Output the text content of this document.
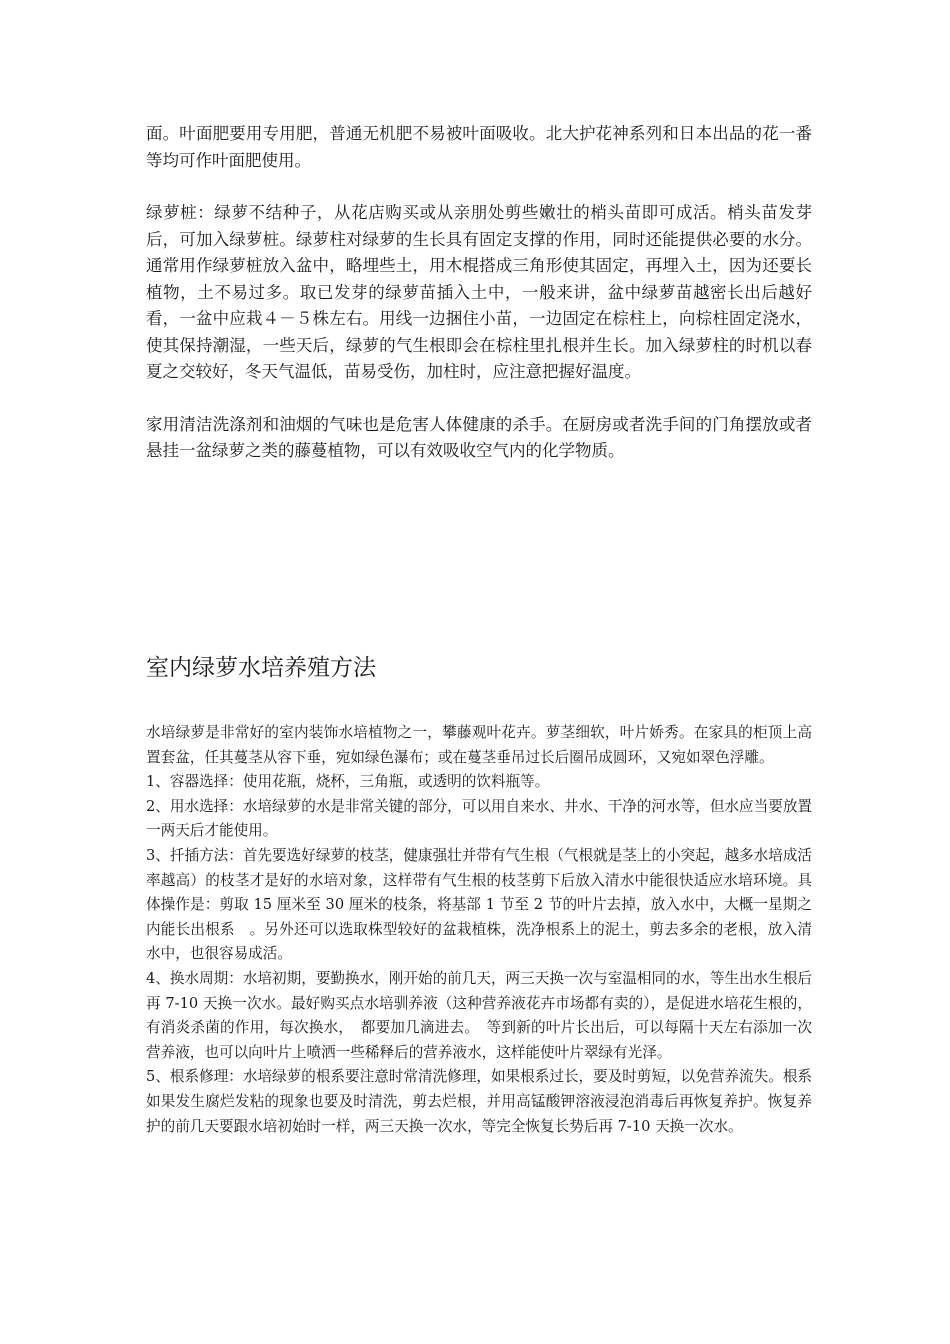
面。叶面肥要用专用肥，普通无机肥不易被叶面吸收。北大护花神系列和日本出品的花一番等均可作叶面肥使用。

绿萝桩：绿萝不结种子，从花店购买或从亲朋处剪些嫩壮的梢头苗即可成活。梢头苗发芽后，可加入绿萝桩。绿萝柱对绿萝的生长具有固定支撑的作用，同时还能提供必要的水分。通常用作绿萝桩放入盆中，略埋些土，用木棍搭成三角形使其固定，再埋入土，因为还要长植物，土不易过多。取已发芽的绿萝苗插入土中，一般来讲，盆中绿萝苗越密长出后越好看，一盆中应栽４－５株左右。用线一边捆住小苗，一边固定在棕柱上，向棕柱固定浇水，使其保持潮湿，一些天后，绿萝的气生根即会在棕柱里扎根并生长。加入绿萝柱的时机以春夏之交较好，冬天气温低，苗易受伤，加柱时，应注意把握好温度。

家用清洁洗涤剂和油烟的气味也是危害人体健康的杀手。在厨房或者洗手间的门角摆放或者悬挂一盆绿萝之类的藤蔓植物，可以有效吸收空气内的化学物质。

室内绿萝水培养殖方法

水培绿萝是非常好的室内装饰水培植物之一，攀藤观叶花卉。萝茎细软，叶片娇秀。在家具的柜顶上高置套盆，任其蔓茎从容下垂，宛如绿色瀑布；或在蔓茎垂吊过长后圈吊成圆环，又宛如翠色浮雕。

1、容器选择：使用花瓶，烧杯，三角瓶，或透明的饮料瓶等。

2、用水选择：水培绿萝的水是非常关键的部分，可以用自来水、井水、干净的河水等，但水应当要放置一两天后才能使用。

3、扦插方法：首先要选好绿萝的枝茎，健康强壮并带有气生根（气根就是茎上的小突起，越多水培成活率越高）的枝茎才是好的水培对象，这样带有气生根的枝茎剪下后放入清水中能很快适应水培环境。具体操作是：剪取 15 厘米至 30 厘米的枝条，将基部 1 节至 2 节的叶片去掉，放入水中，大概一星期之内能长出根系　。另外还可以选取株型较好的盆栽植株，洗净根系上的泥土，剪去多余的老根，放入清水中，也很容易成活。

4、换水周期：水培初期，要勤换水，刚开始的前几天，两三天换一次与室温相同的水，等生出水生根后再 7-10 天换一次水。最好购买点水培驯养液（这种营养液花卉市场都有卖的），是促进水培花生根的，有消炎杀菌的作用，每次换水，　都要加几滴进去。　等到新的叶片长出后，可以每隔十天左右添加一次营养液，也可以向叶片上喷洒一些稀释后的营养液水，这样能使叶片翠绿有光泽。

5、根系修理：水培绿萝的根系要注意时常清洗修理，如果根系过长，要及时剪短，以免营养流失。根系如果发生腐烂发粘的现象也要及时清洗，剪去烂根，并用高锰酸钾溶液浸泡消毒后再恢复养护。恢复养护的前几天要跟水培初始时一样，两三天换一次水，等完全恢复长势后再 7-10 天换一次水。
